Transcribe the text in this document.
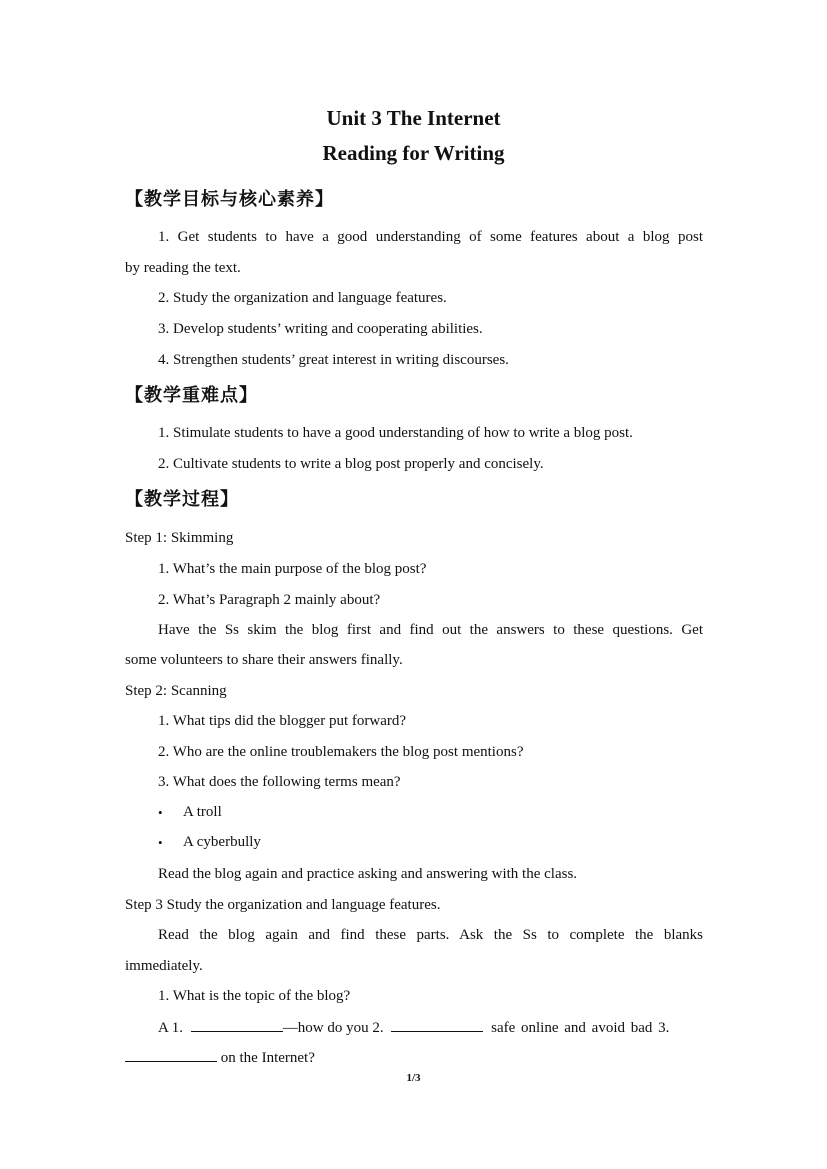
Unit 3 The Internet
Reading for Writing
【教学目标与核心素养】
1. Get students to have a good understanding of some features about a blog post
by reading the text.
2. Study the organization and language features.
3. Develop students’ writing and cooperating abilities.
4. Strengthen students’ great interest in writing discourses.
【教学重难点】
1. Stimulate students to have a good understanding of how to write a blog post.
2. Cultivate students to write a blog post properly and concisely.
【教学过程】
Step 1: Skimming
1. What’s the main purpose of the blog post?
2. What’s Paragraph 2 mainly about?
Have the Ss skim the blog first and find out the answers to these questions. Get
some volunteers to share their answers finally.
Step 2: Scanning
1. What tips did the blogger put forward?
2. Who are the online troublemakers the blog post mentions?
3. What does the following terms mean?
• A troll
• A cyberbully
Read the blog again and practice asking and answering with the class.
Step 3 Study the organization and language features.
Read the blog again and find these parts. Ask the Ss to complete the blanks
immediately.
1. What is the topic of the blog?
A 1.	—how do you 2.	safe online and avoid bad 3.
on the Internet?
1/3
